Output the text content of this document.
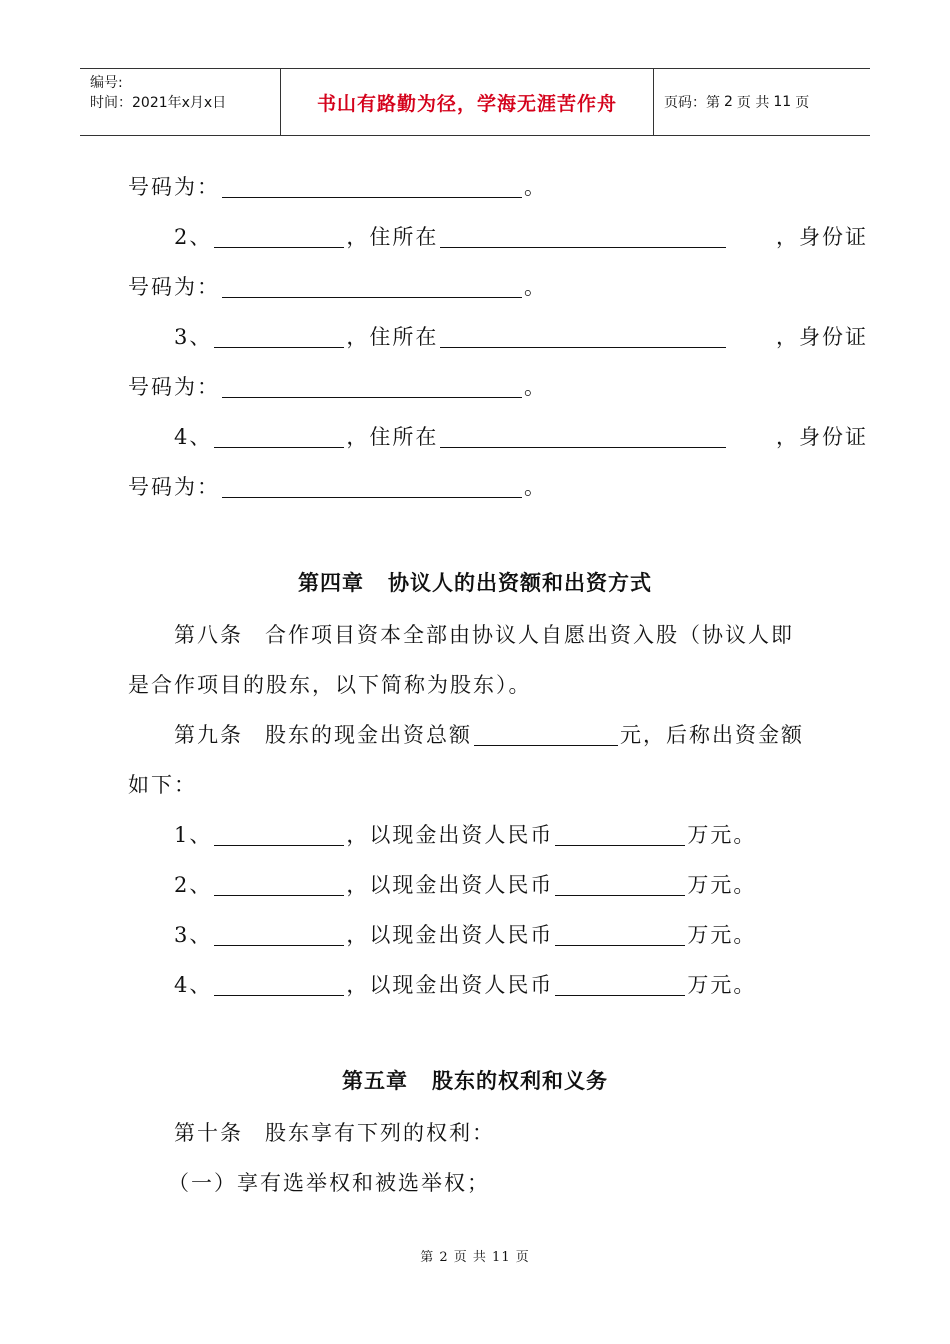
编号:
时间：2021年x月x日	书山有路勤为径，学海无涯苦作舟	页码：第 2 页 共 11 页
号码为：	。
2、	，住所在	，身份证
号码为：	。
3、	，住所在	，身份证
号码为：	。
4、	，住所在	，身份证
号码为：	。
第四章 协议人的出资额和出资方式
第八条 合作项目资本全部由协议人自愿出资入股（协议人即
是合作项目的股东，以下简称为股东）。
第九条 股东的现金出资总额	元，后称出资金额
如下：
1、	，以现金出资人民币	万元。
2、	，以现金出资人民币	万元。
3、	，以现金出资人民币	万元。
4、	，以现金出资人民币	万元。
第五章 股东的权利和义务
第十条 股东享有下列的权利：
（一）享有选举权和被选举权；
第 2 页 共 11 页
